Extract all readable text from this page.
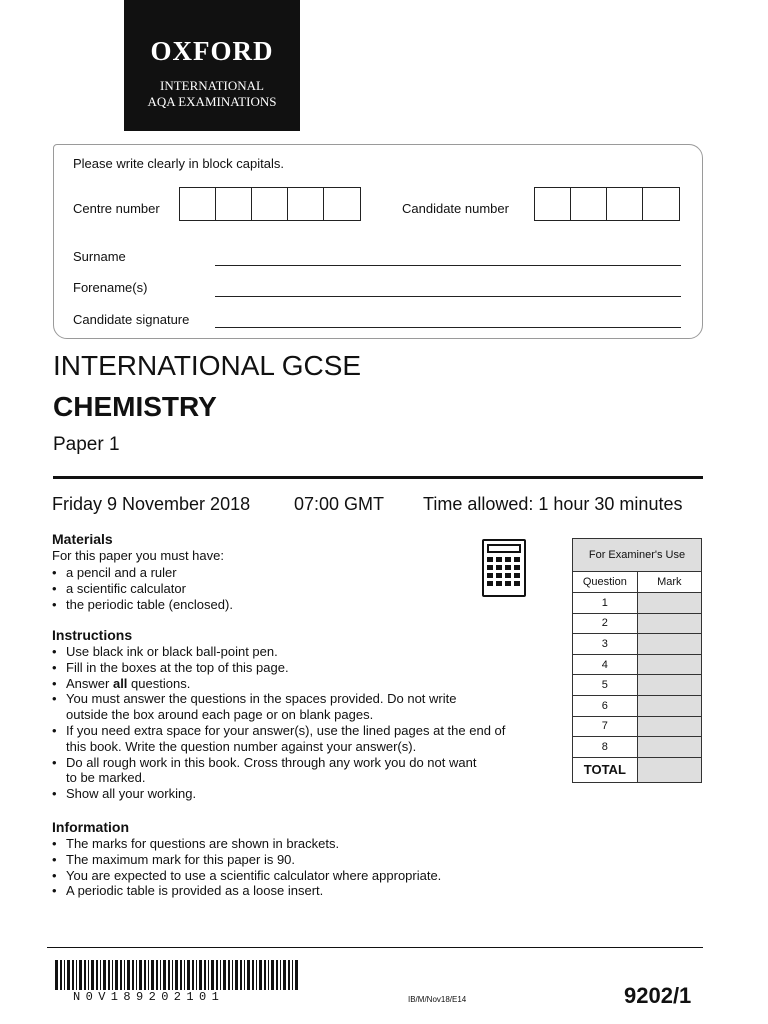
OXFORD
INTERNATIONAL
AQA EXAMINATIONS
Please write clearly in block capitals.
Centre number	Candidate number
Surname
Forename(s)
Candidate signature
INTERNATIONAL GCSE
CHEMISTRY
Paper 1
Friday 9 November 2018 07:00 GMT Time allowed: 1 hour 30 minutes
Materials
For this paper you must have:
• a pencil and a ruler
• a scientific calculator
• the periodic table (enclosed).
Instructions
• Use black ink or black ball-point pen.
• Fill in the boxes at the top of this page.
• Answer all questions.
• You must answer the questions in the spaces provided. Do not write
outside the box around each page or on blank pages.
• If you need extra space for your answer(s), use the lined pages at the end of
this book. Write the question number against your answer(s).
• Do all rough work in this book. Cross through any work you do not want
to be marked.
• Show all your working.
Information
• The marks for questions are shown in brackets.
• The maximum mark for this paper is 90.
• You are expected to use a scientific calculator where appropriate.
• A periodic table is provided as a loose insert.
For Examiner's Use	
Question	Mark
1	
2	
3	
4	
5	
6	
7	
8	
TOTAL	
N0V189202101	IB/M/Nov18/E14	9202/1
